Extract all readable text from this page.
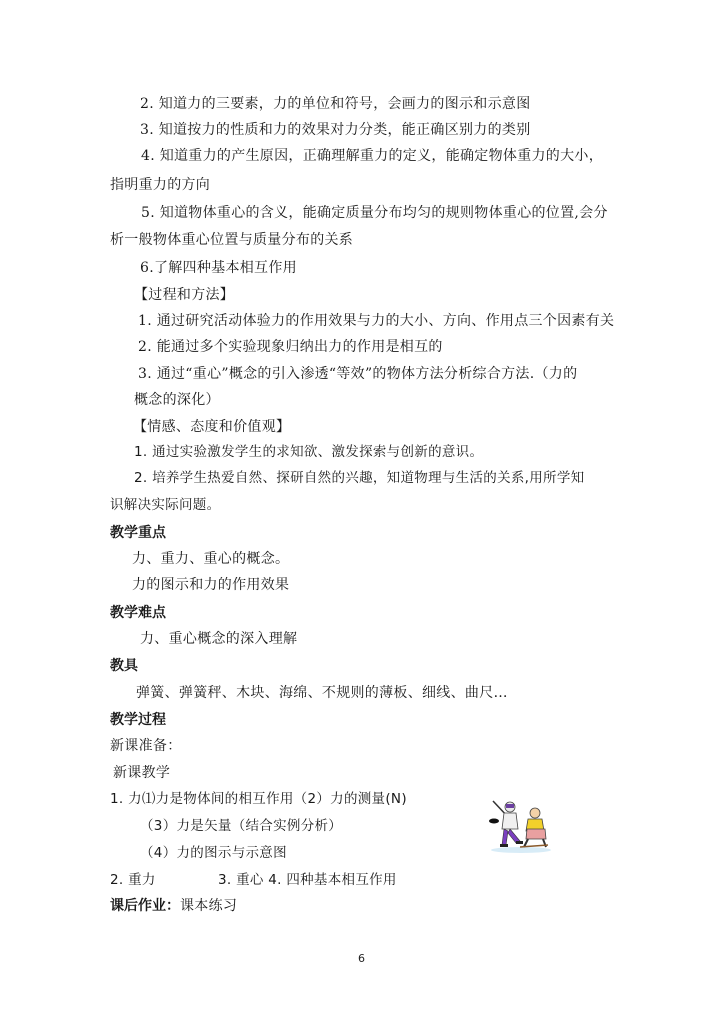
2. 知道力的三要素，力的单位和符号，会画力的图示和示意图
3. 知道按力的性质和力的效果对力分类，能正确区别力的类别
4. 知道重力的产生原因，正确理解重力的定义，能确定物体重力的大小，
指明重力的方向
5. 知道物体重心的含义，能确定质量分布均匀的规则物体重心的位置,会分
析一般物体重心位置与质量分布的关系
6.了解四种基本相互作用
【过程和方法】
1. 通过研究活动体验力的作用效果与力的大小、方向、作用点三个因素有关
2. 能通过多个实验现象归纳出力的作用是相互的
3. 通过“重心”概念的引入渗透“等效”的物体方法分析综合方法.（力的
概念的深化）
【情感、态度和价值观】
1. 通过实验激发学生的求知欲、激发探索与创新的意识。
2. 培养学生热爱自然、探研自然的兴趣，知道物理与生活的关系,用所学知
识解决实际问题。
教学重点
力、重力、重心的概念。
力的图示和力的作用效果
教学难点
力、重心概念的深入理解
教具
弹簧、弹簧秤、木块、海绵、不规则的薄板、细线、曲尺…
教学过程
新课准备：
新课教学
1. 力⑴力是物体间的相互作用（2）力的测量(N)
（3）力是矢量（结合实例分析）
（4）力的图示与示意图
2. 重力	3. 重心 4. 四种基本相互作用
课后作业：课本练习
6
